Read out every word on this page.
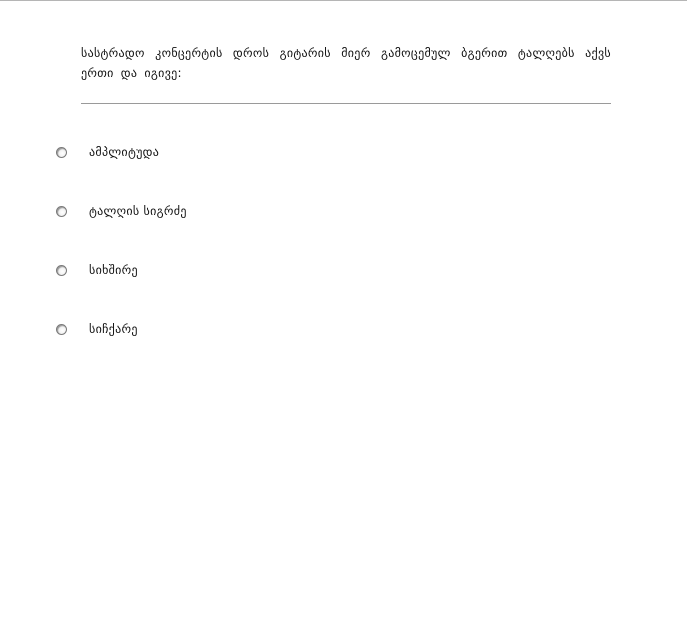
სასტრადო კონცერტის დროს გიტარის მიერ გამოცემულ ბგერით ტალღებს აქვს ერთი და იგივე:
ამპლიტუდა
ტალღის სიგრძე
სიხშირე
სიჩქარე
